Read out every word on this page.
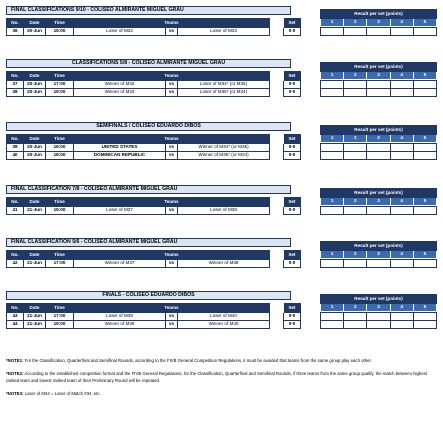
FINAL CLASSIFICATIONS 9/10 - COLISEO ALMIRANTE MIGUEL GRAU
No.	Date	Time	Teams				Set
36	20-Jun	15:00	Loser of M32	vs	Loser of M33		0-0
Result per set (points)
1	2	3	4	5

CLASSIFICATIONS 5/8 - COLISEO ALMIRANTE MIGUEL GRAU
No.	Date	Time	Teams				Set
37	20-Jun	17:00	Winner of M32	vs	Loser of M34* (or M35)		0-0
38	20-Jun	19:00	Winner of M33	vs	Loser of M35* (or M34)		0-0
Result per set (points)
1	2	3	4	5

SEMIFINALS / COLISEO EDUARDO DIBOS
No.	Date	Time	Teams				Set
39	20-Jun	16:00	UNITED STATES	vs	Winner of M34* (or M35)		0-0
40	20-Jun	18:00	DOMINICAN REPUBLIC	vs	Winner of M35* (or M34)		0-0
Result per set (points)
1	2	3	4	5

FINAL CLASSIFICATION 7/8 - COLISEO ALMIRANTE MIGUEL GRAU
No.	Date	Time	Teams				Set
41	21-Jun	15:00	Loser of M37	vs	Loser of M38		0-0
Result per set (points)
1	2	3	4	5

FINAL CLASSIFICATION 5/6 - COLISEO ALMIRANTE MIGUEL GRAU
No.	Date	Time	Teams				Set
42	21-Jun	17:00	Winner of M37	vs	Winner of M38		0-0
Result per set (points)
1	2	3	4	5

FINALS - COLISEO EDUARDO DIBOS
No.	Date	Time	Teams				Set
43	21-Jun	17:00	Loser of M39	vs	Loser of M40		0-0
44	21-Jun	19:00	Winner of M39	vs	Winner of M40		0-0
Result per set (points)
1	2	3	4	5

*NOTE1: For the Classification, Quarterfinal and Semifinal Rounds, according to the FIVB General Competition Regulations, it must be avoided that teams from the same group play each other.

*NOTE2: According to the established competition format and the FIVB General Regulations, for the Classification, Quarterfinal and Semifinal Rounds, if three teams from the same group qualify, the match between highest ranked team and lowest ranked team of their Preliminary Round will be repeated.

*NOTE3: Loser of M34 = Loser of Match #34, etc.
